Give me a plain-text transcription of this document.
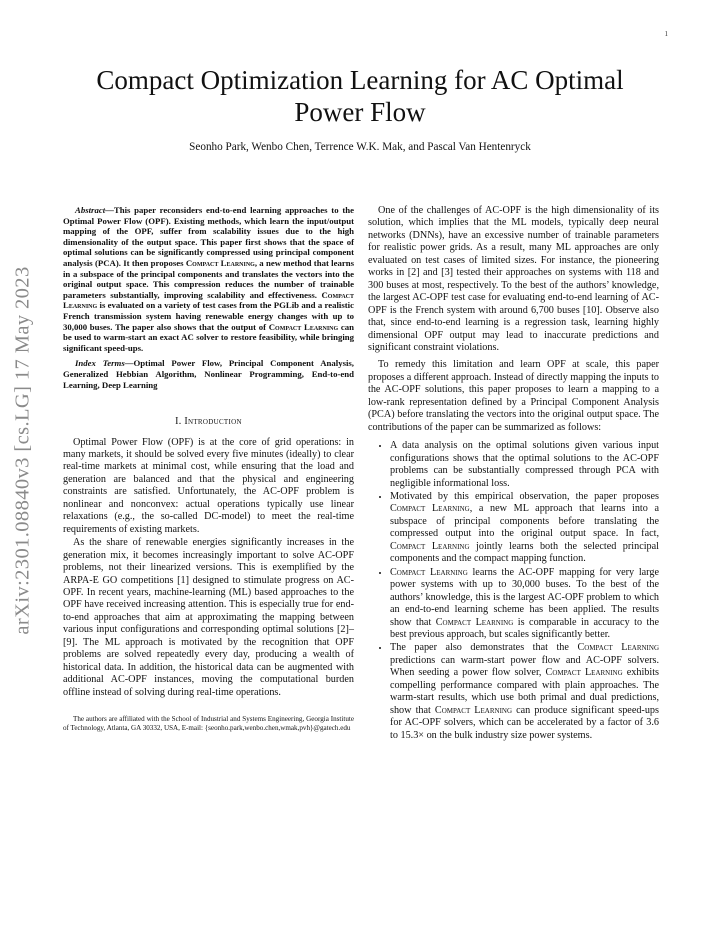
1
arXiv:2301.08840v3 [cs.LG] 17 May 2023
Compact Optimization Learning for AC Optimal Power Flow
Seonho Park, Wenbo Chen, Terrence W.K. Mak, and Pascal Van Hentenryck

Abstract—This paper reconsiders end-to-end learning approaches to the Optimal Power Flow (OPF). Existing methods, which learn the input/output mapping of the OPF, suffer from scalability issues due to the high dimensionality of the output space. This paper first shows that the space of optimal solutions can be significantly compressed using principal component analysis (PCA). It then proposes Compact Learning, a new method that learns in a subspace of the principal components and translates the vectors into the original output space. This compression reduces the number of trainable parameters substantially, improving scalability and effectiveness. Compact Learning is evaluated on a variety of test cases from the PGLib and a realistic French transmission system having renewable energy changes with up to 30,000 buses. The paper also shows that the output of Compact Learning can be used to warm-start an exact AC solver to restore feasibility, while bringing significant speed-ups.

Index Terms—Optimal Power Flow, Principal Component Analysis, Generalized Hebbian Algorithm, Nonlinear Programming, End-to-end Learning, Deep Learning

I. Introduction

Optimal Power Flow (OPF) is at the core of grid operations: in many markets, it should be solved every five minutes (ideally) to clear real-time markets at minimal cost, while ensuring that the load and generation are balanced and that the physical and engineering constraints are satisfied. Unfortunately, the AC-OPF problem is nonlinear and nonconvex: actual operations typically use linear relaxations (e.g., the so-called DC-model) to meet the real-time requirements of existing markets.

As the share of renewable energies significantly increases in the generation mix, it becomes increasingly important to solve AC-OPF problems, not their linearized versions. This is exemplified by the ARPA-E GO competitions [1] designed to stimulate progress on AC-OPF. In recent years, machine-learning (ML) based approaches to the OPF have received increasing attention. This is especially true for end-to-end approaches that aim at approximating the mapping between various input configurations and corresponding optimal solutions [2]–[9]. The ML approach is motivated by the recognition that OPF problems are solved repeatedly every day, producing a wealth of historical data. In addition, the historical data can be augmented with additional AC-OPF instances, moving the computational burden offline instead of solving during real-time operations.

The authors are affiliated with the School of Industrial and Systems Engineering, Georgia Institute of Technology, Atlanta, GA 30332, USA, E-mail: {seonho.park,wenbo.chen,wmak,pvh}@gatech.edu

One of the challenges of AC-OPF is the high dimensionality of its solution, which implies that the ML models, typically deep neural networks (DNNs), have an excessive number of trainable parameters for realistic power grids. As a result, many ML approaches are only evaluated on test cases of limited sizes. For instance, the pioneering works in [2] and [3] tested their approaches on systems with 118 and 300 buses at most, respectively. To the best of the authors’ knowledge, the largest AC-OPF test case for evaluating end-to-end learning of AC-OPF is the French system with around 6,700 buses [10]. Observe also that, since end-to-end learning is a regression task, learning highly dimensional OPF output may lead to inaccurate predictions and significant constraint violations.

To remedy this limitation and learn OPF at scale, this paper proposes a different approach. Instead of directly mapping the inputs to the AC-OPF solutions, this paper proposes to learn a mapping to a low-rank representation defined by a Principal Component Analysis (PCA) before translating the vectors into the original output space. The contributions of the paper can be summarized as follows:

• A data analysis on the optimal solutions given various input configurations shows that the optimal solutions to the AC-OPF problems can be substantially compressed through PCA with negligible informational loss.
• Motivated by this empirical observation, the paper proposes Compact Learning, a new ML approach that learns into a subspace of principal components before translating the compressed output into the original output space. In fact, Compact Learning jointly learns both the selected principal components and the compact mapping function.
• Compact Learning learns the AC-OPF mapping for very large power systems with up to 30,000 buses. To the best of the authors’ knowledge, this is the largest AC-OPF problem to which an end-to-end learning scheme has been applied. The results show that Compact Learning is comparable in accuracy to the best previous approach, but scales significantly better.
• The paper also demonstrates that the Compact Learning predictions can warm-start power flow and AC-OPF solvers. When seeding a power flow solver, Compact Learning exhibits compelling performance compared with plain approaches. The warm-start results, which use both primal and dual predictions, show that Compact Learning can produce significant speed-ups for AC-OPF solvers, which can be accelerated by a factor of 3.6 to 15.3× on the bulk industry size power systems.
